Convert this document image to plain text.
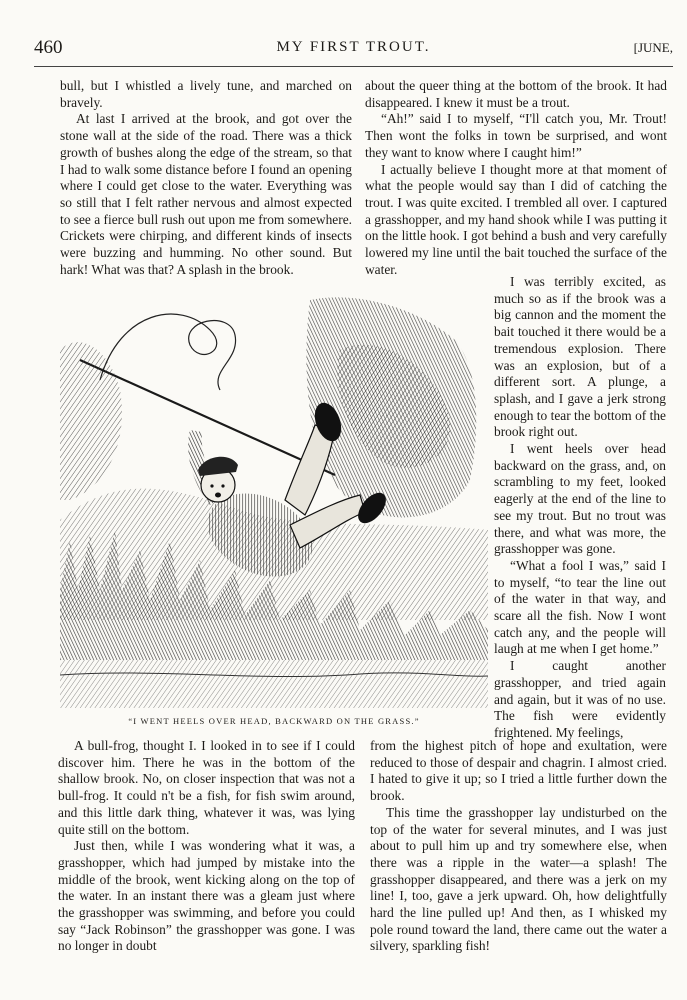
460	MY FIRST TROUT.	[JUNE,

bull, but I whistled a lively tune, and marched on bravely.

At last I arrived at the brook, and got over the stone wall at the side of the road. There was a thick growth of bushes along the edge of the stream, so that I had to walk some distance before I found an opening where I could get close to the water. Everything was so still that I felt rather nervous and almost expected to see a fierce bull rush out upon me from somewhere. Crickets were chirping, and different kinds of insects were buzzing and humming. No other sound. But hark! What was that? A splash in the brook.

about the queer thing at the bottom of the brook. It had disappeared. I knew it must be a trout.

“Ah!” said I to myself, “I'll catch you, Mr. Trout! Then wont the folks in town be surprised, and wont they want to know where I caught him!”

I actually believe I thought more at that moment of what the people would say than I did of catching the trout. I was quite excited. I trembled all over. I captured a grasshopper, and my hand shook while I was putting it on the little hook. I got behind a bush and very carefully lowered my line until the bait touched the surface of the water.

I was terribly excited, as much so as if the brook was a big cannon and the moment the bait touched it there would be a tremendous explosion. There was an explosion, but of a different sort. A plunge, a splash, and I gave a jerk strong enough to tear the bottom of the brook right out.

I went heels over head backward on the grass, and, on scrambling to my feet, looked eagerly at the end of the line to see my trout. But no trout was there, and what was more, the grasshopper was gone.

“What a fool I was,” said I to myself, “to tear the line out of the water in that way, and scare all the fish. Now I wont catch any, and the people will laugh at me when I get home.”

I caught another grasshopper, and tried again and again, but it was of no use. The fish were evidently frightened. My feelings,

“I WENT HEELS OVER HEAD, BACKWARD ON THE GRASS.”

A bull-frog, thought I. I looked in to see if I could discover him. There he was in the bottom of the shallow brook. No, on closer inspection that was not a bull-frog. It could n't be a fish, for fish swim around, and this little dark thing, whatever it was, was lying quite still on the bottom.

Just then, while I was wondering what it was, a grasshopper, which had jumped by mistake into the middle of the brook, went kicking along on the top of the water. In an instant there was a gleam just where the grasshopper was swimming, and before you could say “Jack Robinson” the grasshopper was gone. I was no longer in doubt

from the highest pitch of hope and exultation, were reduced to those of despair and chagrin. I almost cried. I hated to give it up; so I tried a little further down the brook.

This time the grasshopper lay undisturbed on the top of the water for several minutes, and I was just about to pull him up and try somewhere else, when there was a ripple in the water—a splash! The grasshopper disappeared, and there was a jerk on my line! I, too, gave a jerk upward. Oh, how delightfully hard the line pulled up! And then, as I whisked my pole round toward the land, there came out the water a silvery, sparkling fish!
